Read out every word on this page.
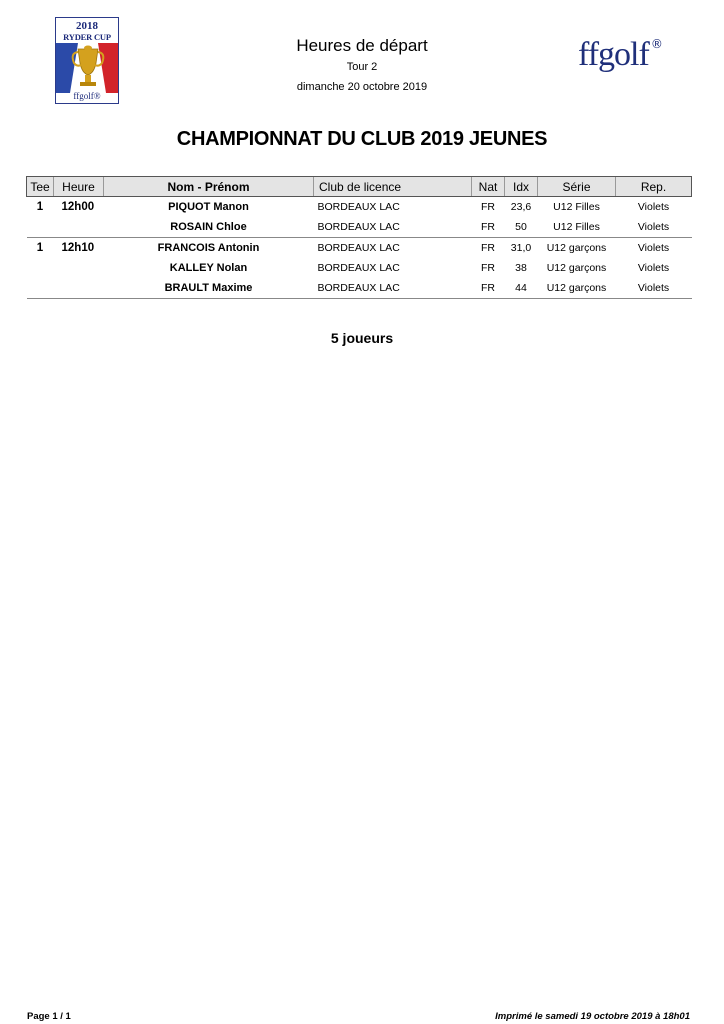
2018
RYDER CUP
ffgolf®
Heures de départ
Tour 2
dimanche 20 octobre 2019
ffgolf ®
CHAMPIONNAT DU CLUB 2019 JEUNES
Tee	Heure	Nom - Prénom	Club de licence	Nat	Idx	Série	Rep.
1	12h00	PIQUOT Manon	BORDEAUX LAC	FR	23,6	U12 Filles	Violets
		ROSAIN Chloe	BORDEAUX LAC	FR	50	U12 Filles	Violets
1	12h10	FRANCOIS Antonin	BORDEAUX LAC	FR	31,0	U12 garçons	Violets
		KALLEY Nolan	BORDEAUX LAC	FR	38	U12 garçons	Violets
		BRAULT Maxime	BORDEAUX LAC	FR	44	U12 garçons	Violets
5 joueurs
Page 1 / 1	Imprimé le samedi 19 octobre 2019 à 18h01
